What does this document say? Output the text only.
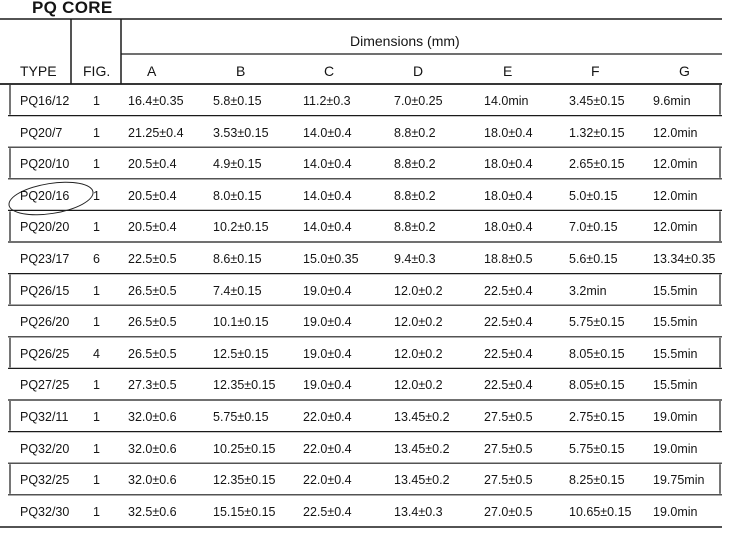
PQ CORE
TYPE FIG.
Dimensions (mm)
A	B	C	D	E	F	G
PQ16/12 1 16.4±0.35 5.8±0.15	11.2±0.3	7.0±0.25	14.0min	3.45±0.15 9.6min
PQ20/7 1 21.25±0.4 3.53±0.15	14.0±0.4	8.8±0.2	18.0±0.4	1.32±0.15 12.0min
PQ20/10 1 20.5±0.4	4.9±0.15	14.0±0.4	8.8±0.2	18.0±0.4	2.65±0.15 12.0min
PQ20/16 1 20.5±0.4	8.0±0.15	14.0±0.4	8.8±0.2	18.0±0.4	5.0±0.15	12.0min
PQ20/20 1 20.5±0.4	10.2±0.15	14.0±0.4	8.8±0.2	18.0±0.4	7.0±0.15	12.0min
PQ23/17 6 22.5±0.5	8.6±0.15	15.0±0.35	9.4±0.3	18.8±0.5	5.6±0.15	13.34±0.35
PQ26/15 1 26.5±0.5	7.4±0.15	19.0±0.4	12.0±0.2	22.5±0.4	3.2min	15.5min
PQ26/20 1 26.5±0.5	10.1±0.15	19.0±0.4	12.0±0.2	22.5±0.4	5.75±0.15 15.5min
PQ26/25 4 26.5±0.5	12.5±0.15	19.0±0.4	12.0±0.2	22.5±0.4	8.05±0.15 15.5min
PQ27/25 1 27.3±0.5	12.35±0.15 19.0±0.4	12.0±0.2	22.5±0.4	8.05±0.15 15.5min
PQ32/11 1 32.0±0.6	5.75±0.15	22.0±0.4	13.45±0.2	27.5±0.5	2.75±0.15 19.0min
PQ32/20 1 32.0±0.6	10.25±0.15 22.0±0.4	13.45±0.2	27.5±0.5	5.75±0.15 19.0min
PQ32/25 1 32.0±0.6	12.35±0.15 22.0±0.4	13.45±0.2	27.5±0.5	8.25±0.15 19.75min
PQ32/30 1 32.5±0.6	15.15±0.15 22.5±0.4	13.4±0.3	27.0±0.5	10.65±0.15 19.0min
